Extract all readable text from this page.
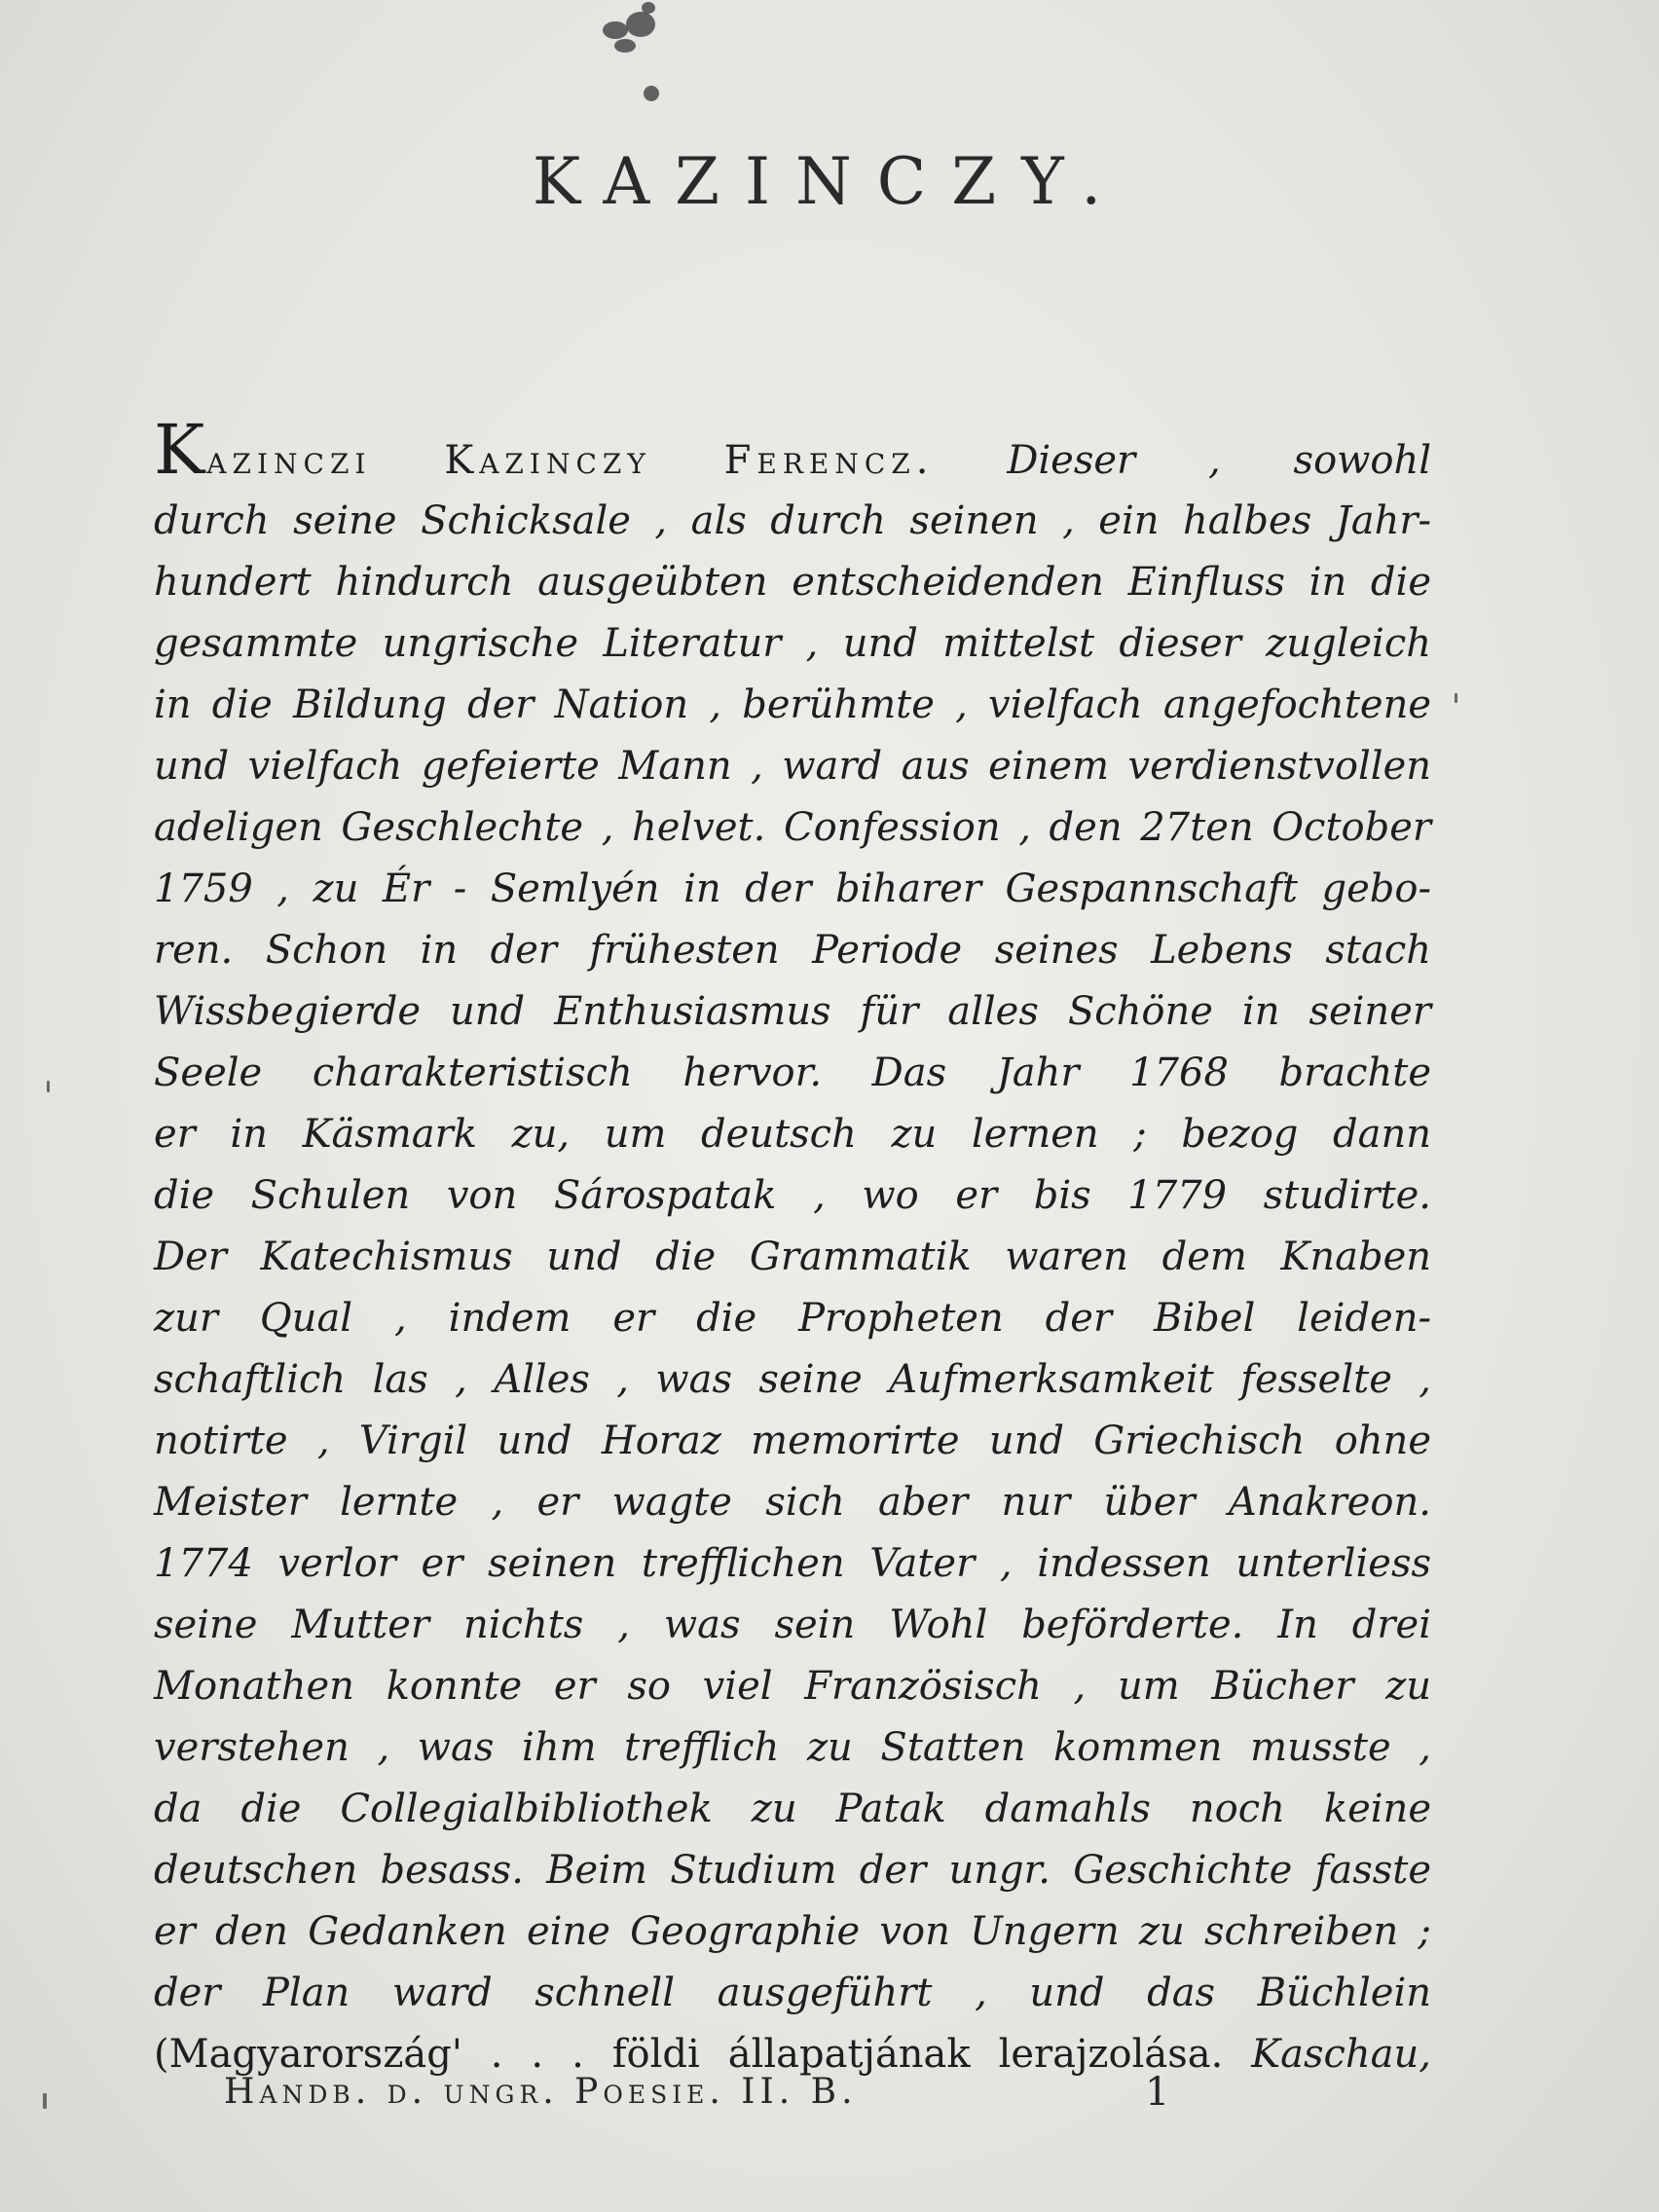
KAZINCZY.
Kazinczi Kazinczy Ferencz. Dieser , sowohl
durch seine Schicksale , als durch seinen , ein halbes Jahr-
hundert hindurch ausgeübten entscheidenden Einfluss in die
gesammte ungrische Literatur , und mittelst dieser zugleich
in die Bildung der Nation , berühmte , vielfach angefochtene
und vielfach gefeierte Mann , ward aus einem verdienstvollen
adeligen Geschlechte , helvet. Confession , den 27ten October
1759 , zu Ér - Semlyén in der biharer Gespannschaft gebo-
ren. Schon in der frühesten Periode seines Lebens stach
Wissbegierde und Enthusiasmus für alles Schöne in seiner
Seele charakteristisch hervor. Das Jahr 1768 brachte
er in Käsmark zu, um deutsch zu lernen ; bezog dann
die Schulen von Sárospatak , wo er bis 1779 studirte.
Der Katechismus und die Grammatik waren dem Knaben
zur Qual , indem er die Propheten der Bibel leiden-
schaftlich las , Alles , was seine Aufmerksamkeit fesselte ,
notirte , Virgil und Horaz memorirte und Griechisch ohne
Meister lernte , er wagte sich aber nur über Anakreon.
1774 verlor er seinen trefflichen Vater , indessen unterliess
seine Mutter nichts , was sein Wohl beförderte. In drei
Monathen konnte er so viel Französisch , um Bücher zu
verstehen , was ihm trefflich zu Statten kommen musste ,
da die Collegialbibliothek zu Patak damahls noch keine
deutschen besass. Beim Studium der ungr. Geschichte fasste
er den Gedanken eine Geographie von Ungern zu schreiben ;
der Plan ward schnell ausgeführt , und das Büchlein
(Magyarország' . . . földi állapatjának lerajzolása. Kaschau,
Handb. d. ungr. Poesie. II. B.	1
